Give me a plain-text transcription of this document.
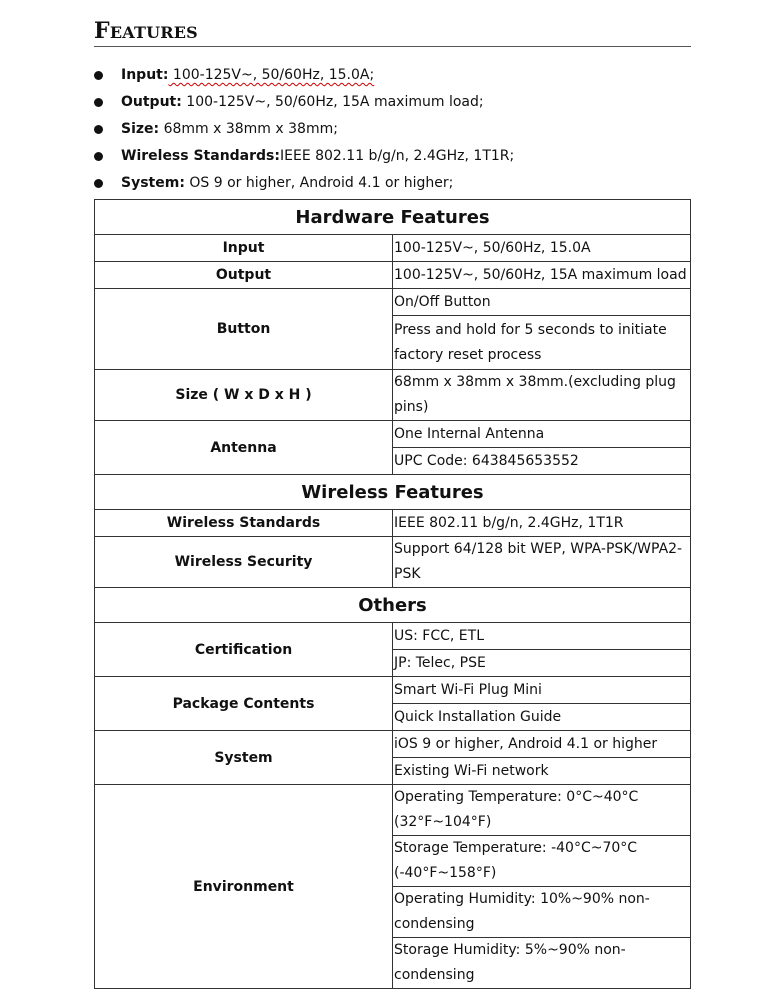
FEATURES
Input: 100-125V~, 50/60Hz, 15.0A;
Output: 100-125V~, 50/60Hz, 15A maximum load;
Size: 68mm x 38mm x 38mm;
Wireless Standards:IEEE 802.11 b/g/n, 2.4GHz, 1T1R;
System: OS 9 or higher, Android 4.1 or higher;
Hardware Features	
Input	100-125V~, 50/60Hz, 15.0A
Output	100-125V~, 50/60Hz, 15A maximum load
Button	On/Off Button
	Press and hold for 5 seconds to initiate factory reset process
Size ( W x D x H )	68mm x 38mm x 38mm.(excluding plug pins)
Antenna	One Internal Antenna
	UPC Code: 643845653552
Wireless Features	
Wireless Standards	IEEE 802.11 b/g/n, 2.4GHz, 1T1R
Wireless Security	Support 64/128 bit WEP, WPA-PSK/WPA2-PSK
Others	
Certification	US: FCC, ETL
	JP: Telec, PSE
Package Contents	Smart Wi-Fi Plug Mini
	Quick Installation Guide
System	iOS 9 or higher, Android 4.1 or higher
	Existing Wi-Fi network
Environment	Operating Temperature: 0°C~40°C (32°F~104°F)
	Storage Temperature: -40°C~70°C (-40°F~158°F)
	Operating Humidity: 10%~90% non-condensing
	Storage Humidity: 5%~90% non-condensing
